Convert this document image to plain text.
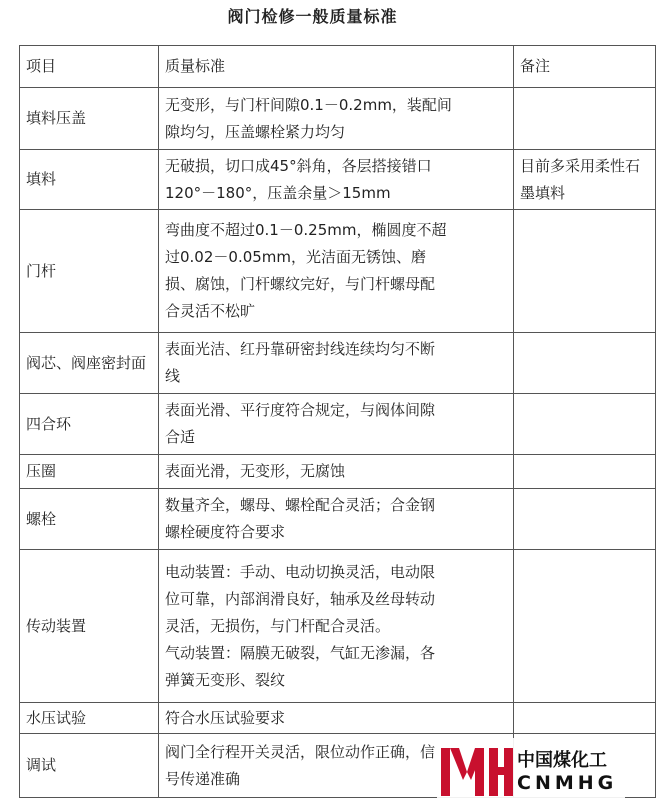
阀门检修一般质量标准
项目	质量标准	备注
填料压盖	无变形，与门杆间隙0.1－0.2mm，装配间
隙均匀，压盖螺栓紧力均匀	

填料	无破损，切口成45°斜角，各层搭接错口
120°－180°，压盖余量＞15mm	目前多采用柔性石墨填料
门杆	弯曲度不超过0.1－0.25mm，椭圆度不超
过0.02－0.05mm，光洁面无锈蚀、磨
损、腐蚀，门杆螺纹完好，与门杆螺母配
合灵活不松旷	

阀芯、阀座密封面	表面光洁、红丹靠研密封线连续均匀不断
线	

四合环	表面光滑、平行度符合规定，与阀体间隙
合适	

压圈	表面光滑，无变形，无腐蚀	

螺栓	数量齐全，螺母、螺栓配合灵活；合金钢
螺栓硬度符合要求	

传动装置	电动装置：手动、电动切换灵活，电动限
位可靠，内部润滑良好，轴承及丝母转动
灵活，无损伤，与门杆配合灵活。
气动装置：隔膜无破裂，气缸无渗漏，各
弹簧无变形、裂纹	

水压试验	符合水压试验要求	

调试	阀门全行程开关灵活，限位动作正确，信
号传递准确	

中国煤化工
CNMHG
